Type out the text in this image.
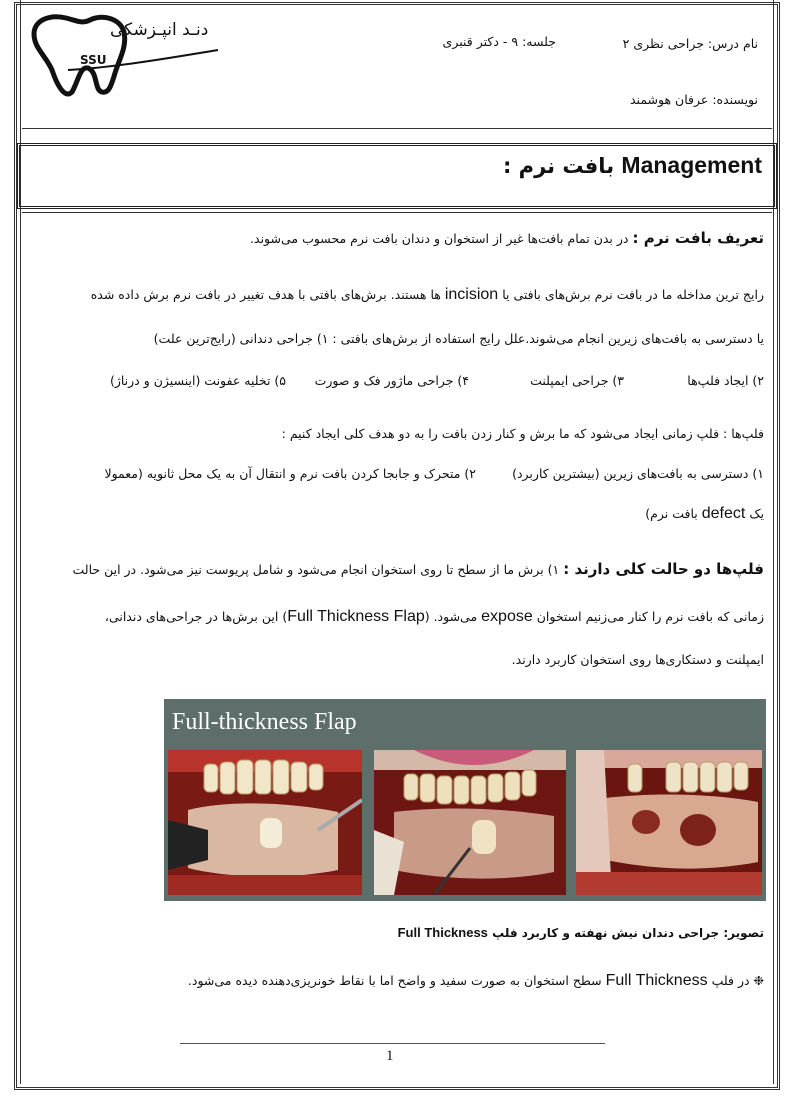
دنـد انپـزشکی
SSU
نام درس: جراحی نظری ۲
جلسه: ۹ - دکتر قنبری
نویسنده: عرفان هوشمند
Management بافت نرم :
تعریف بافت نرم : در بدن تمام بافت‌ها غیر از استخوان و دندان بافت نرم محسوب می‌شوند.
رایج ترین مداخله ما در بافت نرم برش‌های بافتی یا incision ها هستند. برش‌های بافتی با هدف تغییر در بافت نرم برش داده شده
یا دسترسی به بافت‌های زیرین انجام می‌شوند.علل رایج استفاده از برش‌های بافتی : ۱) جراحی دندانی (رایج‌ترین علت)
۲) ایجاد فلپ‌ها
۳) جراحی ایمپلنت
۴) جراحی ماژور فک و صورت
۵) تخلیه عفونت (اینسیژن و درناژ)
فلپ‌ها : فلپ زمانی ایجاد می‌شود که ما برش و کنار زدن بافت را به دو هدف کلی ایجاد کنیم :
۱) دسترسی به بافت‌های زیرین (بیشترین کاربرد)
۲) متحرک و جابجا کردن بافت نرم و انتقال آن به یک محل ثانویه (معمولا
یک defect بافت نرم)
فلپ‌ها دو حالت کلی دارند : ۱) برش ما از سطح تا روی استخوان انجام می‌شود و شامل پریوست نیز می‌شود. در این حالت
زمانی که بافت نرم را کنار می‌زنیم استخوان expose می‌شود. (Full Thickness Flap) این برش‌ها در جراحی‌های دندانی،
ایمپلنت و دستکاری‌ها روی استخوان کاربرد دارند.
Full-thickness Flap
تصویر: جراحی دندان نیش نهفته و کاربرد فلپ Full Thickness
❉ در فلپ Full Thickness سطح استخوان به صورت سفید و واضح اما با نقاط خونریزی‌دهنده دیده می‌شود.
1
